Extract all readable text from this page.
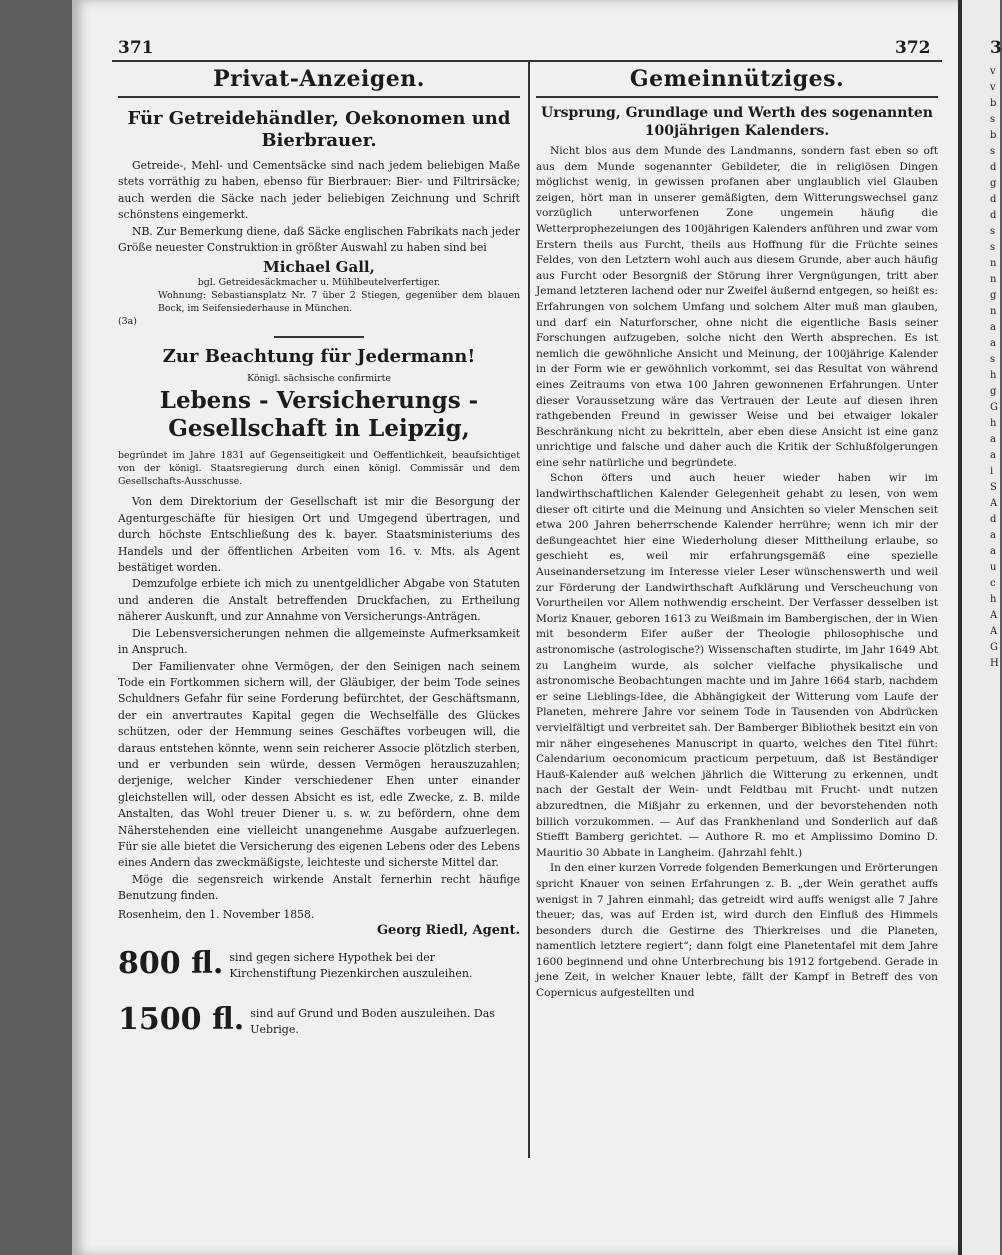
3
v v b s b s d g d d s s n n g n a a s h g G h a a i S A d a a u c h A A G H
371	372
Privat-Anzeigen.
Für Getreidehändler, Oekonomen und Bierbrauer.

Getreide-, Mehl- und Cementsäcke sind nach jedem beliebigen Maße stets vorräthig zu haben, ebenso für Bierbrauer: Bier- und Filtrirsäcke; auch werden die Säcke nach jeder beliebigen Zeichnung und Schrift schönstens eingemerkt.

NB. Zur Bemerkung diene, daß Säcke englischen Fabrikats nach jeder Größe neuester Construktion in größter Auswahl zu haben sind bei

Michael Gall,
bgl. Getreidesäckmacher u. Mühlbeutelverfertiger.
Wohnung: Sebastiansplatz Nr. 7 über 2 Stiegen, gegenüber dem blauen Bock, im Seifensiederhause in München.
(3a)
Zur Beachtung für Jedermann!
Königl. sächsische confirmirte
Lebens - Versicherungs - Gesellschaft in Leipzig,
begründet im Jahre 1831 auf Gegenseitigkeit und Oeffentlichkeit, beaufsichtiget von der königl. Staatsregierung durch einen königl. Commissär und dem Gesellschafts-Ausschusse.

Von dem Direktorium der Gesellschaft ist mir die Besorgung der Agenturgeschäfte für hiesigen Ort und Umgegend übertragen, und durch höchste Entschließung des k. bayer. Staatsministeriums des Handels und der öffentlichen Arbeiten vom 16. v. Mts. als Agent bestätiget worden.

Demzufolge erbiete ich mich zu unentgeldlicher Abgabe von Statuten und anderen die Anstalt betreffenden Druckfachen, zu Ertheilung näherer Auskunft, und zur Annahme von Versicherungs-Anträgen.

Die Lebensversicherungen nehmen die allgemeinste Aufmerksamkeit in Anspruch.

Der Familienvater ohne Vermögen, der den Seinigen nach seinem Tode ein Fortkommen sichern will, der Gläubiger, der beim Tode seines Schuldners Gefahr für seine Forderung befürchtet, der Geschäftsmann, der ein anvertrautes Kapital gegen die Wechselfälle des Glückes schützen, oder der Hemmung seines Geschäftes vorbeugen will, die daraus entstehen könnte, wenn sein reicherer Associe plötzlich sterben, und er verbunden sein würde, dessen Vermögen herauszuzahlen; derjenige, welcher Kinder verschiedener Ehen unter einander gleichstellen will, oder dessen Absicht es ist, edle Zwecke, z. B. milde Anstalten, das Wohl treuer Diener u. s. w. zu befördern, ohne dem Näherstehenden eine vielleicht unangenehme Ausgabe aufzuerlegen. Für sie alle bietet die Versicherung des eigenen Lebens oder des Lebens eines Andern das zweckmäßigste, leichteste und sicherste Mittel dar.

Möge die segensreich wirkende Anstalt fernerhin recht häufige Benutzung finden.

Rosenheim, den 1. November 1858.
Georg Riedl, Agent.
800 fl. sind gegen sichere Hypothek bei der Kirchenstiftung Piezenkirchen auszuleihen.
1500 fl. sind auf Grund und Boden auszuleihen. Das Uebrige.
Gemeinnütziges.
Ursprung, Grundlage und Werth des sogenannten 100jährigen Kalenders.

Nicht blos aus dem Munde des Landmanns, sondern fast eben so oft aus dem Munde sogenannter Gebildeter, die in religiösen Dingen möglichst wenig, in gewissen profanen aber unglaublich viel Glauben zeigen, hört man in unserer gemäßigten, dem Witterungswechsel ganz vorzüglich unterworfenen Zone ungemein häufig die Wetterprophezeiungen des 100jährigen Kalenders anführen und zwar vom Erstern theils aus Furcht, theils aus Hoffnung für die Früchte seines Feldes, von den Letztern wohl auch aus diesem Grunde, aber auch häufig aus Furcht oder Besorgniß der Störung ihrer Vergnügungen, tritt aber Jemand letzteren lachend oder nur Zweifel äußernd entgegen, so heißt es: Erfahrungen von solchem Umfang und solchem Alter muß man glauben, und darf ein Naturforscher, ohne nicht die eigentliche Basis seiner Forschungen aufzugeben, solche nicht den Werth absprechen. Es ist nemlich die gewöhnliche Ansicht und Meinung, der 100jährige Kalender in der Form wie er gewöhnlich vorkommt, sei das Resultat von während eines Zeitraums von etwa 100 Jahren gewonnenen Erfahrungen. Unter dieser Voraussetzung wäre das Vertrauen der Leute auf diesen ihren rathgebenden Freund in gewisser Weise und bei etwaiger lokaler Beschränkung nicht zu bekritteln, aber eben diese Ansicht ist eine ganz unrichtige und falsche und daher auch die Kritik der Schlußfolgerungen eine sehr natürliche und begründete.

Schon öfters und auch heuer wieder haben wir im landwirthschaftlichen Kalender Gelegenheit gehabt zu lesen, von wem dieser oft citirte und die Meinung und Ansichten so vieler Menschen seit etwa 200 Jahren beherrschende Kalender herrühre; wenn ich mir der deßungeachtet hier eine Wiederholung dieser Mittheilung erlaube, so geschieht es, weil mir erfahrungsgemäß eine spezielle Auseinandersetzung im Interesse vieler Leser wünschenswerth und weil zur Förderung der Landwirthschaft Aufklärung und Verscheuchung von Vorurtheilen vor Allem nothwendig erscheint. Der Verfasser desselben ist Moriz Knauer, geboren 1613 zu Weißmain im Bambergischen, der in Wien mit besonderm Eifer außer der Theologie philosophische und astronomische (astrologische?) Wissenschaften studirte, im Jahr 1649 Abt zu Langheim wurde, als solcher vielfache physikalische und astronomische Beobachtungen machte und im Jahre 1664 starb, nachdem er seine Lieblings-Idee, die Abhängigkeit der Witterung vom Laufe der Planeten, mehrere Jahre vor seinem Tode in Tausenden von Abdrücken vervielfältigt und verbreitet sah. Der Bamberger Bibliothek besitzt ein von mir näher eingesehenes Manuscript in quarto, welches den Titel führt: Calendarium oeconomicum practicum perpetuum, daß ist Beständiger Hauß-Kalender auß welchen jährlich die Witterung zu erkennen, undt nach der Gestalt der Wein- undt Feldtbau mit Frucht- undt nutzen abzuredtnen, die Mißjahr zu erkennen, und der bevorstehenden noth billich vorzukommen. — Auf das Frankhenland und Sonderlich auf daß Stiefft Bamberg gerichtet. — Authore R. mo et Amplissimo Domino D. Mauritio 30 Abbate in Langheim. (Jahrzahl fehlt.)

In den einer kurzen Vorrede folgenden Bemerkungen und Erörterungen spricht Knauer von seinen Erfahrungen z. B. „der Wein gerathet auffs wenigst in 7 Jahren einmahl; das getreidt wird auffs wenigst alle 7 Jahre theuer; das, was auf Erden ist, wird durch den Einfluß des Himmels besonders durch die Gestirne des Thierkreises und die Planeten, namentlich letztere regiert“; dann folgt eine Planetentafel mit dem Jahre 1600 beginnend und ohne Unterbrechung bis 1912 fortgebend. Gerade in jene Zeit, in welcher Knauer lebte, fällt der Kampf in Betreff des von Copernicus aufgestellten und
